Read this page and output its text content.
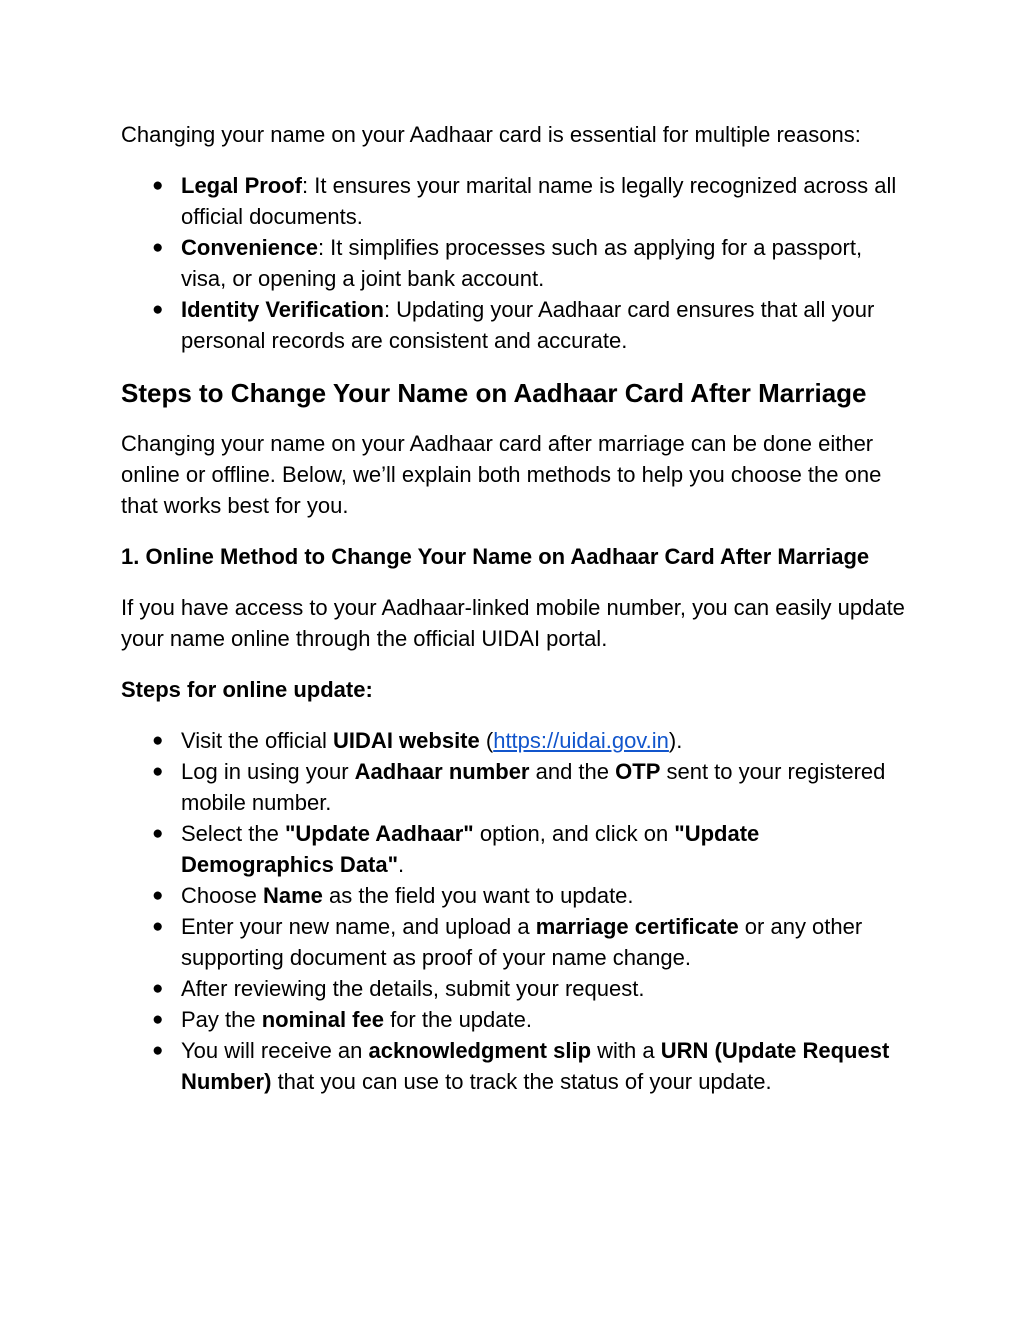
Changing your name on your Aadhaar card is essential for multiple reasons:

● Legal Proof: It ensures your marital name is legally recognized across all official documents.
● Convenience: It simplifies processes such as applying for a passport, visa, or opening a joint bank account.
● Identity Verification: Updating your Aadhaar card ensures that all your personal records are consistent and accurate.
Steps to Change Your Name on Aadhaar Card After Marriage

Changing your name on your Aadhaar card after marriage can be done either online or offline. Below, we’ll explain both methods to help you choose the one that works best for you.

1. Online Method to Change Your Name on Aadhaar Card After Marriage

If you have access to your Aadhaar-linked mobile number, you can easily update your name online through the official UIDAI portal.

Steps for online update:

● Visit the official UIDAI website (https://uidai.gov.in).
● Log in using your Aadhaar number and the OTP sent to your registered mobile number.
● Select the "Update Aadhaar" option, and click on "Update Demographics Data".
● Choose Name as the field you want to update.
● Enter your new name, and upload a marriage certificate or any other supporting document as proof of your name change.
● After reviewing the details, submit your request.
● Pay the nominal fee for the update.
● You will receive an acknowledgment slip with a URN (Update Request Number) that you can use to track the status of your update.
